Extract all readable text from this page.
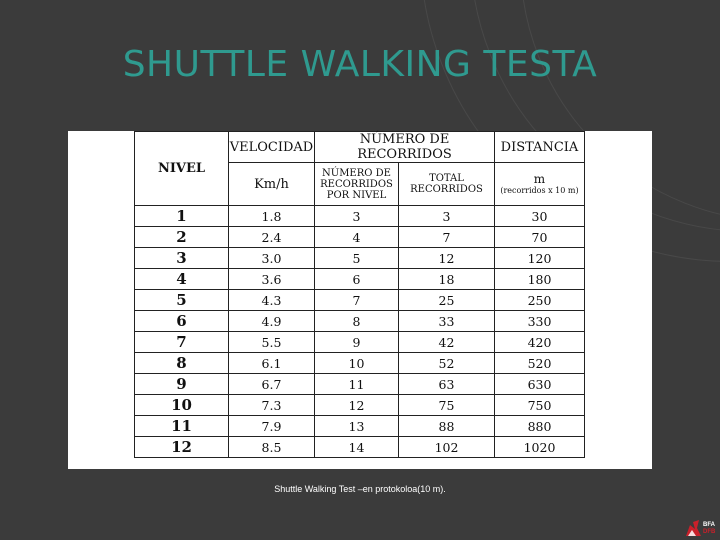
SHUTTLE WALKING TESTA
NIVEL	VELOCIDAD	NÚMERO DE RECORRIDOS		DISTANCIA
	Km/h	NÚMERO DE RECORRIDOS POR NIVEL	TOTAL RECORRIDOS	m
(recorridos x 10 m)

1	1.8	3	3	30
2	2.4	4	7	70
3	3.0	5	12	120
4	3.6	6	18	180
5	4.3	7	25	250
6	4.9	8	33	330
7	5.5	9	42	420
8	6.1	10	52	520
9	6.7	11	63	630
10	7.3	12	75	750
11	7.9	13	88	880
12	8.5	14	102	1020
Shuttle Walking Test –en protokoloa(10 m).
BFA
DFB
